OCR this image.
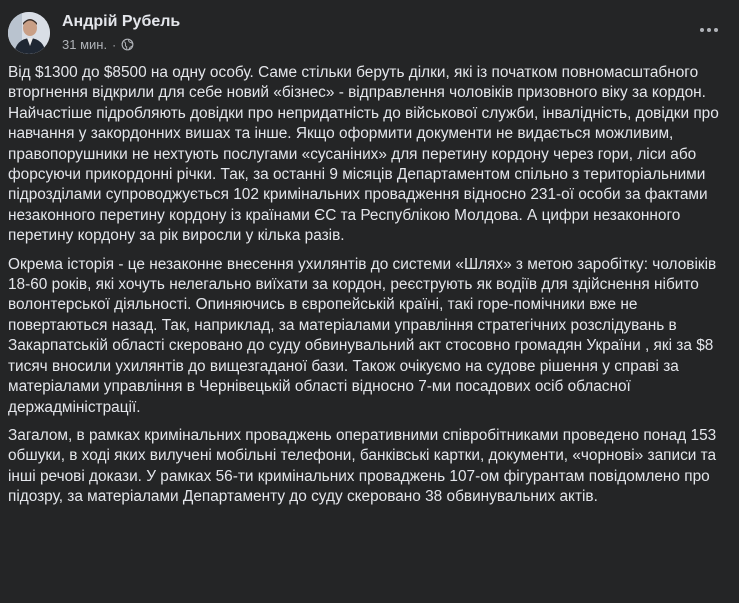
Андрій Рубель
31 мин. ·

Від $1300 до $8500 на одну особу. Саме стільки беруть ділки, які із початком повномасштабного вторгнення відкрили для себе новий «бізнес» - відправлення чоловіків призовного віку за кордон. Найчастіше підробляють довідки про непридатність до військової служби, інвалідність, довідки про навчання у закордонних вишах та інше. Якщо оформити документи не видається можливим, правопорушники не нехтують послугами «сусаніних» для перетину кордону через гори, ліси або форсуючи прикордонні річки. Так, за останні 9 місяців Департаментом спільно з територіальними підрозділами супроводжується 102 кримінальних провадження відносно 231-ої особи за фактами незаконного перетину кордону із країнами ЄС та Республікою Молдова. А цифри незаконного перетину кордону за рік виросли у кілька разів.

Окрема історія - це незаконне внесення ухилянтів до системи «Шлях» з метою заробітку: чоловіків 18-60 років, які хочуть нелегально виїхати за кордон, реєструють як водіїв для здійснення нібито волонтерської діяльності. Опиняючись в європейській країні, такі горе-помічники вже не повертаються назад. Так, наприклад, за матеріалами управління стратегічних розслідувань в Закарпатській області скеровано до суду обвинувальний акт стосовно громадян України , які за $8 тисяч вносили ухилянтів до вищезгаданої бази. Також очікуємо на судове рішення у справі за матеріалами управління в Чернівецькій області відносно 7-ми посадових осіб обласної держадміністрації.

Загалом, в рамках кримінальних проваджень оперативними співробітниками проведено понад 153 обшуки, в ході яких вилучені мобільні телефони, банківські картки, документи, «чорнові» записи та інші речові докази. У рамках 56-ти кримінальних проваджень 107-ом фігурантам повідомлено про підозру, за матеріалами Департаменту до суду скеровано 38 обвинувальних актів.
